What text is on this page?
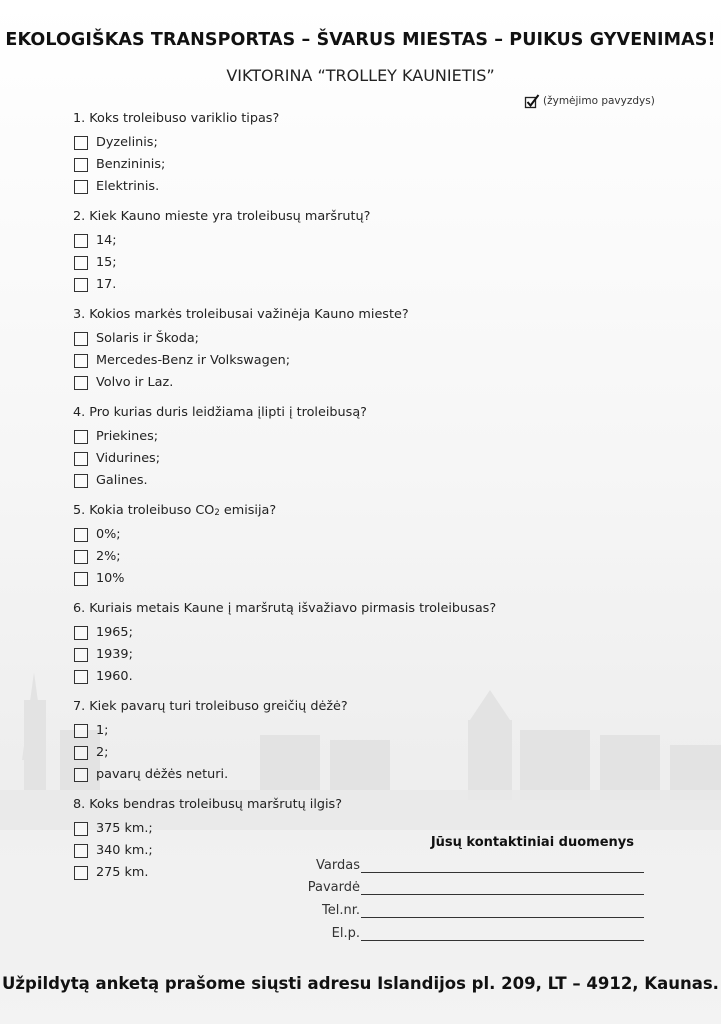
EKOLOGIŠKAS TRANSPORTAS – ŠVARUS MIESTAS – PUIKUS GYVENIMAS!
VIKTORINA “TROLLEY KAUNIETIS”
(žymėjimo pavyzdys)
1. Koks troleibuso variklio tipas?
Dyzelinis;
Benzininis;
Elektrinis.
2. Kiek Kauno mieste yra troleibusų maršrutų?
14;
15;
17.
3. Kokios markės troleibusai važinėja Kauno mieste?
Solaris ir Škoda;
Mercedes-Benz ir Volkswagen;
Volvo ir Laz.
4. Pro kurias duris leidžiama įlipti į troleibusą?
Priekines;
Vidurines;
Galines.
5. Kokia troleibuso $CO_2$ emisija?
0%;
2%;
10%
6. Kuriais metais Kaune į maršrutą išvažiavo pirmasis troleibusas?
1965;
1939;
1960.
7. Kiek pavarų turi troleibuso greičių dėžė?
1;
2;
pavarų dėžės neturi.
8. Koks bendras troleibusų maršrutų ilgis?
375 km.;
340 km.;
275 km.
Jūsų kontaktiniai duomenys
Vardas
Pavardė
Tel.nr.
El.p.
Užpildytą anketą prašome siųsti adresu Islandijos pl. 209, LT – 4912, Kaunas.
